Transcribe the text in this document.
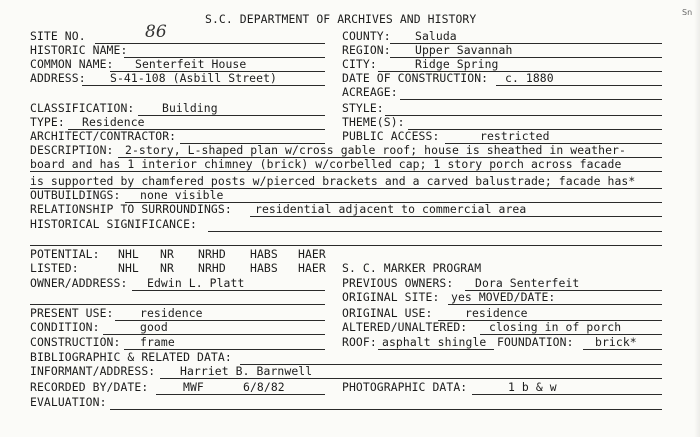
S.C. DEPARTMENT OF ARCHIVES AND HISTORY	Sn
SITE NO.	86	COUNTY: Saluda
HISTORIC NAME:	REGION: Upper Savannah
COMMON NAME: Senterfeit House	CITY:	Ridge Spring
ADDRESS: S-41-108 (Asbill Street)	DATE OF CONSTRUCTION: c. 1880
ACREAGE:
CLASSIFICATION: Building	STYLE:
TYPE: Residence	THEME(S):
ARCHITECT/CONTRACTOR:	PUBLIC ACCESS:	restricted
DESCRIPTION: 2-story, L-shaped plan w/cross gable roof; house is sheathed in weather-
board and has 1 interior chimney (brick) w/corbelled cap; 1 story porch across facade
is supported by chamfered posts w/pierced brackets and a carved balustrade; facade has*
OUTBUILDINGS: none visible
RELATIONSHIP TO SURROUNDINGS: residential adjacent to commercial area
HISTORICAL SIGNIFICANCE:
POTENTIAL: NHL NR NRHD HABS HAER
LISTED:	NHL NR NRHD HABS HAER S. C. MARKER PROGRAM
OWNER/ADDRESS: Edwin L. Platt	PREVIOUS OWNERS: Dora Senterfeit
ORIGINAL SITE: yes MOVED/DATE:
PRESENT USE: residence	ORIGINAL USE:	residence
CONDITION:	good	ALTERED/UNALTERED: closing in of porch
CONSTRUCTION: frame	ROOF: asphalt shingle FOUNDATION: brick*
BIBLIOGRAPHIC & RELATED DATA:
INFORMANT/ADDRESS: Harriet B. Barnwell
RECORDED BY/DATE:	MWF	6/8/82	PHOTOGRAPHIC DATA:	1 b & w
EVALUATION:
